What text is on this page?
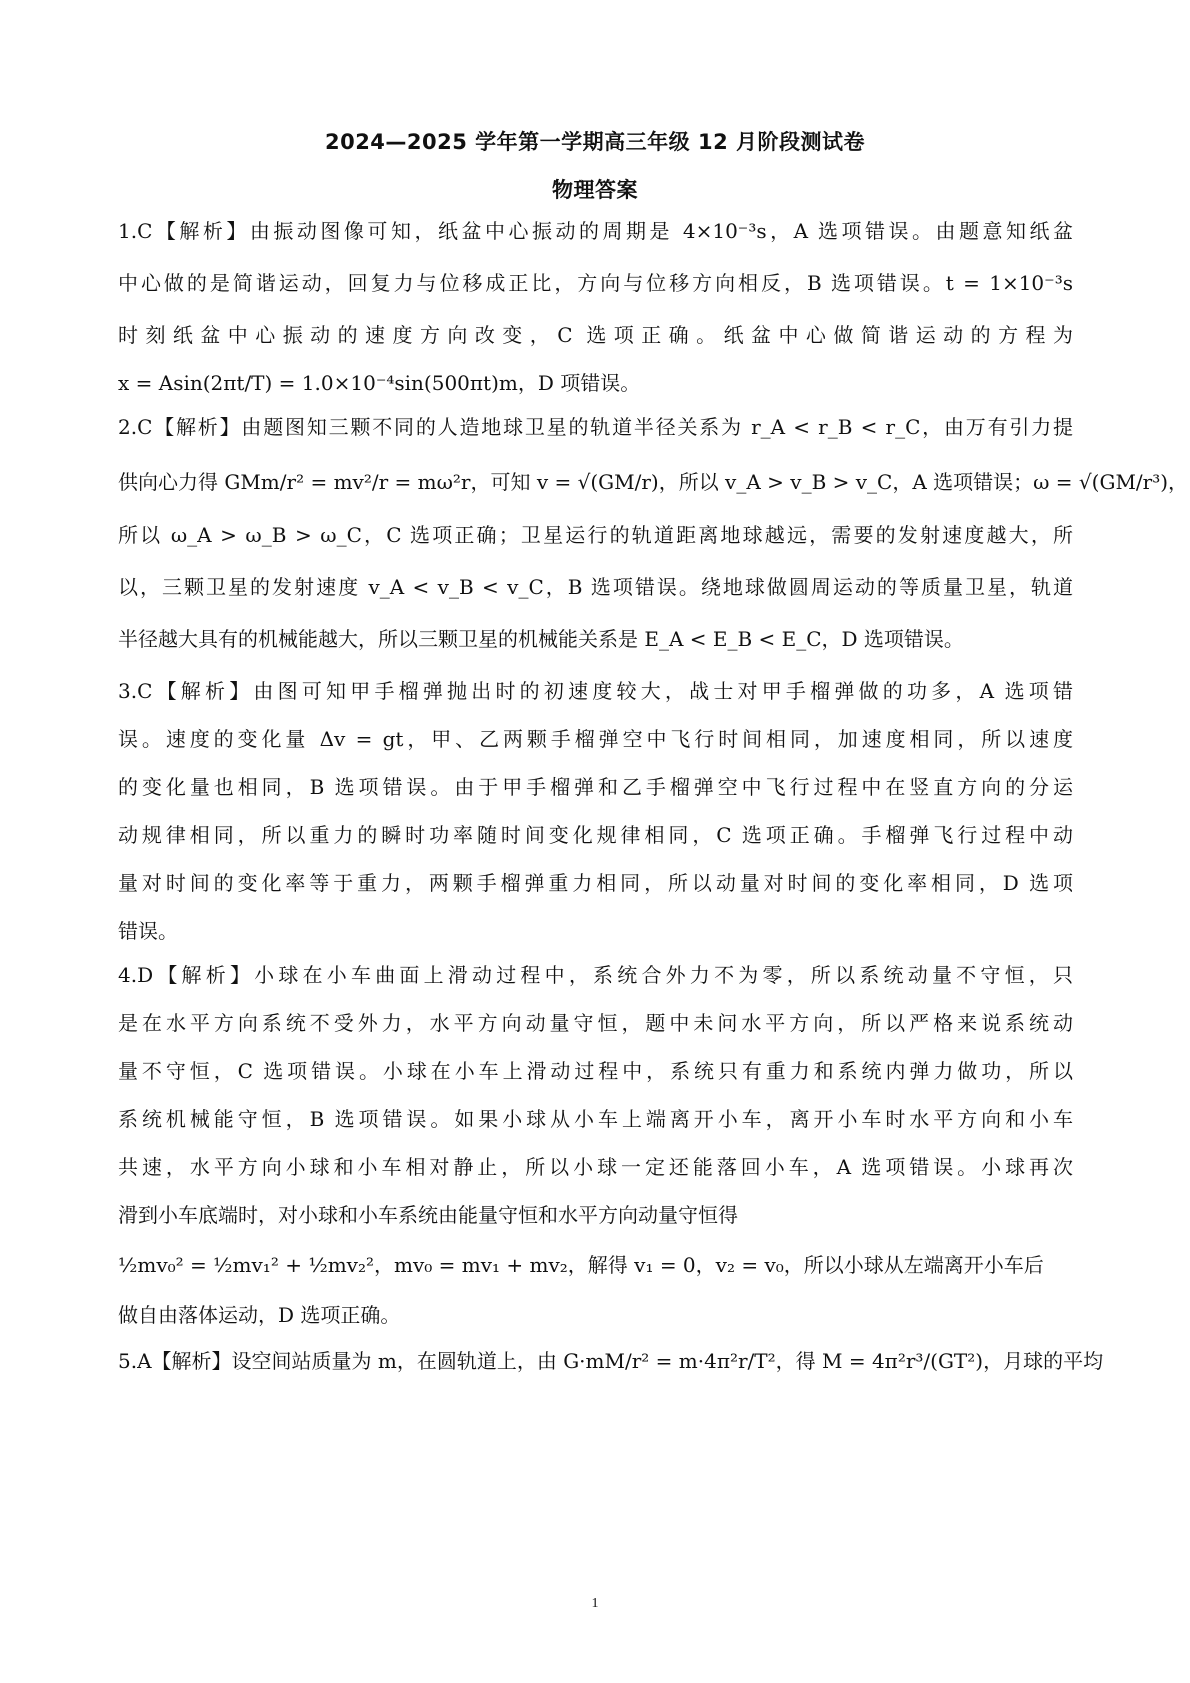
2024—2025 学年第一学期高三年级 12 月阶段测试卷
物理答案
1.C【解析】由振动图像可知，纸盆中心振动的周期是 4×10⁻³s，A 选项错误。由题意知纸盆
中心做的是简谐运动，回复力与位移成正比，方向与位移方向相反，B 选项错误。t = 1×10⁻³s
时刻纸盆中心振动的速度方向改变，C 选项正确。纸盆中心做简谐运动的方程为
x = Asin(2πt/T) = 1.0×10⁻⁴sin(500πt)m，D 项错误。
2.C【解析】由题图知三颗不同的人造地球卫星的轨道半径关系为 r_A < r_B < r_C，由万有引力提
供向心力得 GMm/r² = mv²/r = mω²r，可知 v = √(GM/r)，所以 v_A > v_B > v_C，A 选项错误；ω = √(GM/r³)，
所以 ω_A > ω_B > ω_C，C 选项正确；卫星运行的轨道距离地球越远，需要的发射速度越大，所
以，三颗卫星的发射速度 v_A < v_B < v_C，B 选项错误。绕地球做圆周运动的等质量卫星，轨道
半径越大具有的机械能越大，所以三颗卫星的机械能关系是 E_A < E_B < E_C，D 选项错误。
3.C【解析】由图可知甲手榴弹抛出时的初速度较大，战士对甲手榴弹做的功多，A 选项错
误。速度的变化量 Δv = gt，甲、乙两颗手榴弹空中飞行时间相同，加速度相同，所以速度
的变化量也相同，B 选项错误。由于甲手榴弹和乙手榴弹空中飞行过程中在竖直方向的分运
动规律相同，所以重力的瞬时功率随时间变化规律相同，C 选项正确。手榴弹飞行过程中动
量对时间的变化率等于重力，两颗手榴弹重力相同，所以动量对时间的变化率相同，D 选项
错误。
4.D【解析】小球在小车曲面上滑动过程中，系统合外力不为零，所以系统动量不守恒，只
是在水平方向系统不受外力，水平方向动量守恒，题中未问水平方向，所以严格来说系统动
量不守恒，C 选项错误。小球在小车上滑动过程中，系统只有重力和系统内弹力做功，所以
系统机械能守恒，B 选项错误。如果小球从小车上端离开小车，离开小车时水平方向和小车
共速，水平方向小球和小车相对静止，所以小球一定还能落回小车，A 选项错误。小球再次
滑到小车底端时，对小球和小车系统由能量守恒和水平方向动量守恒得
½mv₀² = ½mv₁² + ½mv₂²，mv₀ = mv₁ + mv₂，解得 v₁ = 0，v₂ = v₀，所以小球从左端离开小车后
做自由落体运动，D 选项正确。
5.A【解析】设空间站质量为 m，在圆轨道上，由 G·mM/r² = m·4π²r/T²，得 M = 4π²r³/(GT²)，月球的平均
1
